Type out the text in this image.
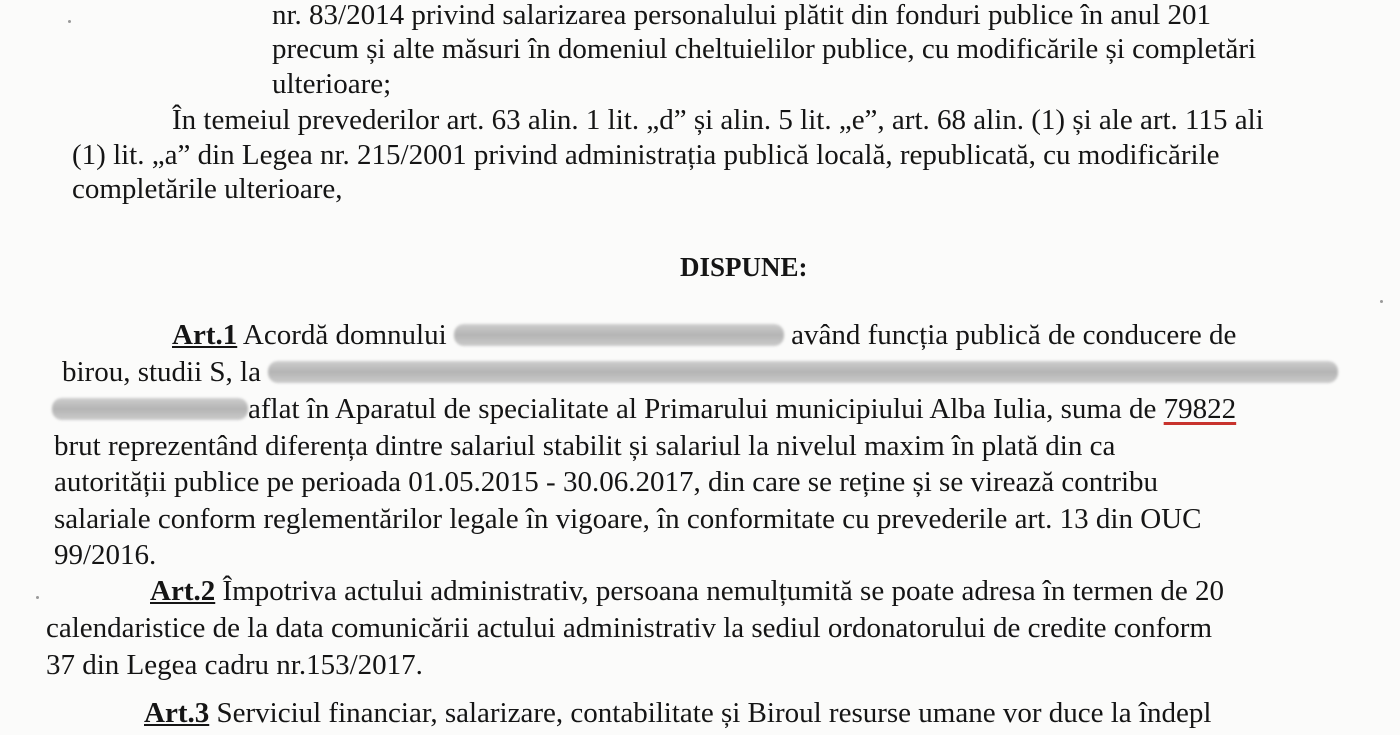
nr. 83/2014 privind salarizarea personalului plătit din fonduri publice în anul 201
precum și alte măsuri în domeniul cheltuielilor publice, cu modificările și completări
ulterioare;
În temeiul prevederilor art. 63 alin. 1 lit. „d” și alin. 5 lit. „e”, art. 68 alin. (1) și ale art. 115 ali
(1) lit. „a” din Legea nr. 215/2001 privind administrația publică locală, republicată, cu modificările
completările ulterioare,
DISPUNE:
Art.1 Acordă domnului	având funcția publică de conducere de
birou, studii S, la
aflat în Aparatul de specialitate al Primarului municipiului Alba Iulia, suma de 79822
brut reprezentând diferența dintre salariul stabilit și salariul la nivelul maxim în plată din ca
autorității publice pe perioada 01.05.2015 - 30.06.2017, din care se reține și se virează contribu
salariale conform reglementărilor legale în vigoare, în conformitate cu prevederile art. 13 din OUC
99/2016.
Art.2 Împotriva actului administrativ, persoana nemulțumită se poate adresa în termen de 20
calendaristice de la data comunicării actului administrativ la sediul ordonatorului de credite conform
37 din Legea cadru nr.153/2017.
Art.3 Serviciul financiar, salarizare, contabilitate și Biroul resurse umane vor duce la îndepl
